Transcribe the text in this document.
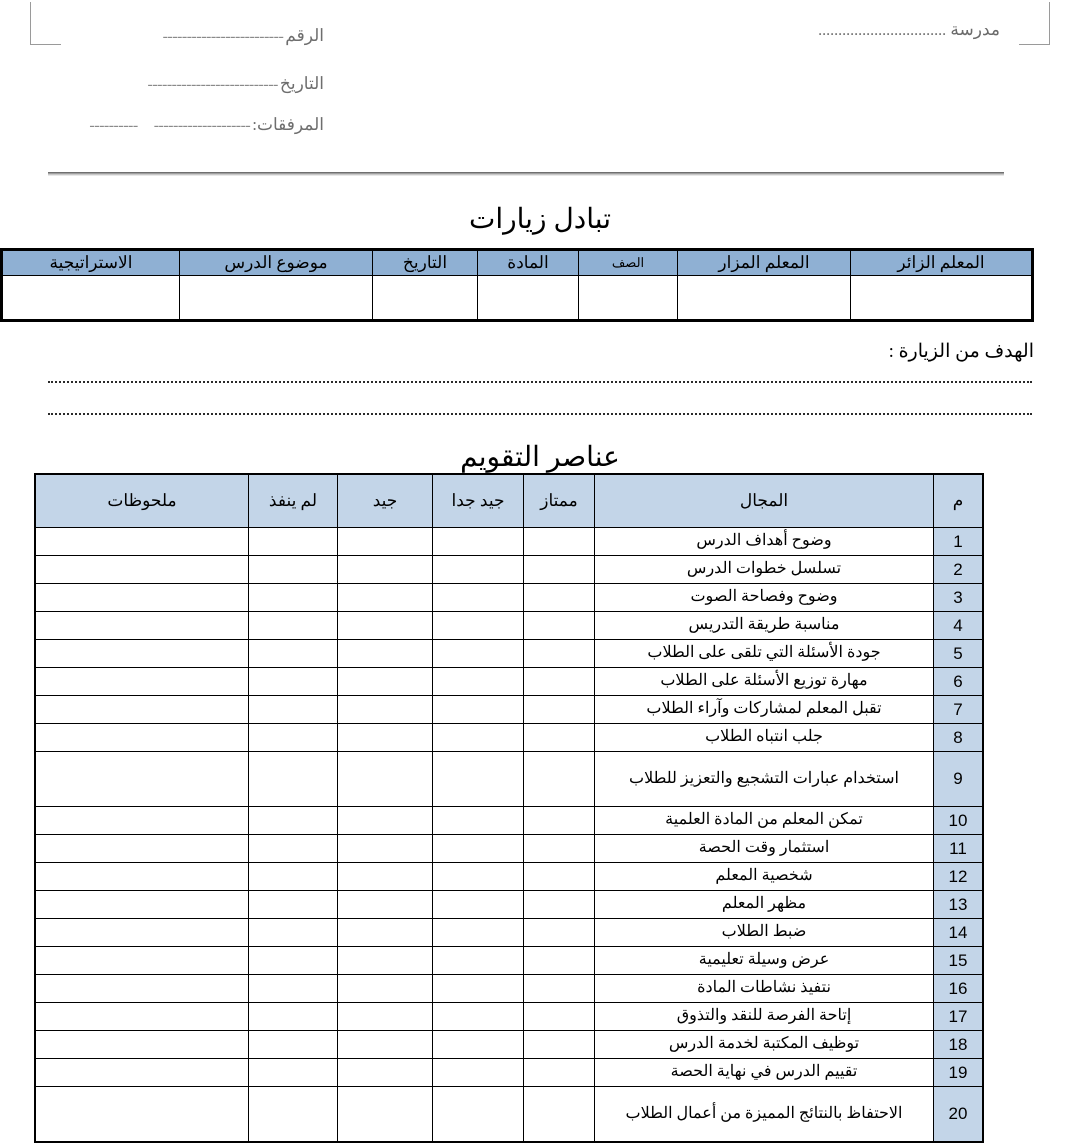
مدرسة ................................
الرقم
-------------------------
التاريخ
---------------------------
المرفقات:
--------------------
----------
تبادل زيارات
المعلم الزائر	المعلم المزار	الصف	المادة	التاريخ	موضوع الدرس	الاستراتيجية

الهدف من الزيارة :
عناصر التقويم
م	المجال	ممتاز	جيد جدا	جيد	لم ينفذ	ملحوظات
1	وضوح أهداف الدرس					
2	تسلسل خطوات الدرس					
3	وضوح وفصاحة الصوت					
4	مناسبة طريقة التدريس					
5	جودة الأسئلة التي تلقى على الطلاب					
6	مهارة توزيع الأسئلة على الطلاب					
7	تقبل المعلم لمشاركات وآراء الطلاب					
8	جلب انتباه الطلاب					
9	استخدام عبارات التشجيع والتعزيز للطلاب					
10	تمكن المعلم من المادة العلمية					
11	استثمار وقت الحصة					
12	شخصية المعلم					
13	مظهر المعلم					
14	ضبط الطلاب					
15	عرض وسيلة تعليمية					
16	نتفيذ نشاطات المادة					
17	إتاحة الفرصة للنقد والتذوق					
18	توظيف المكتبة لخدمة الدرس					
19	تقييم الدرس في نهاية الحصة					
20	الاحتفاظ بالنتائج المميزة من أعمال الطلاب					
